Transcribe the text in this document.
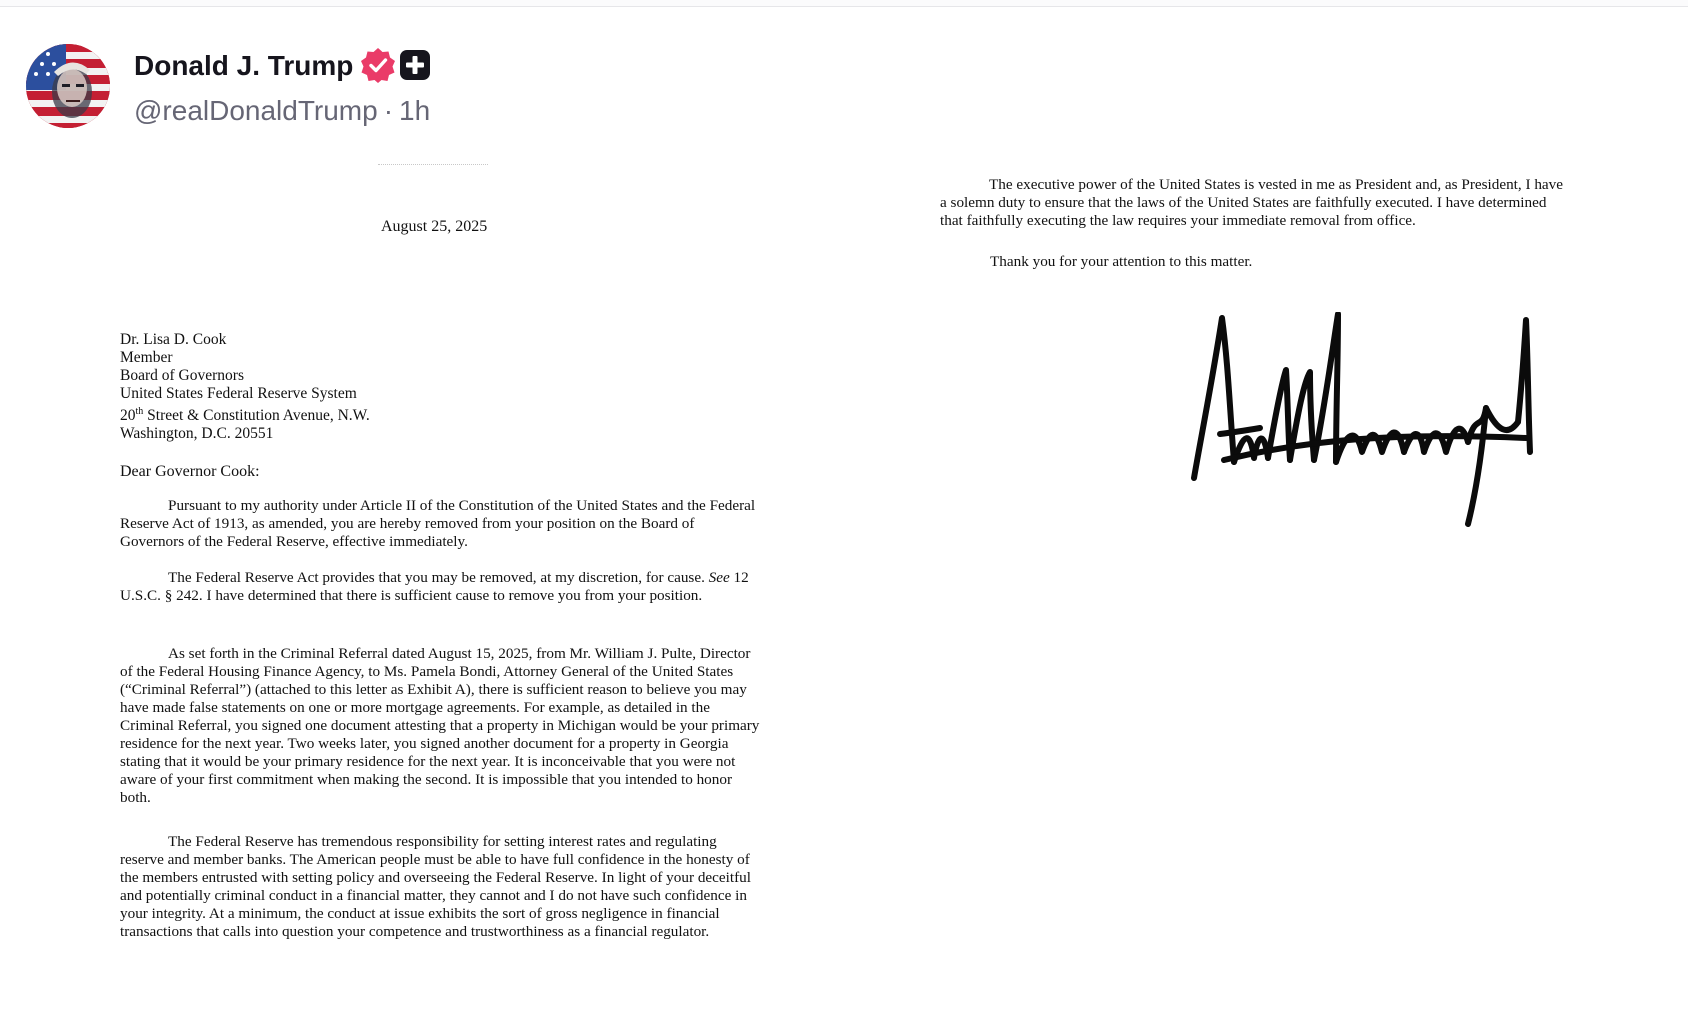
Donald J. Trump
@realDonaldTrump · 1h
August 25, 2025
Dr. Lisa D. Cook
Member
Board of Governors
United States Federal Reserve System
20th Street & Constitution Avenue, N.W.
Washington, D.C. 20551
Dear Governor Cook:
Pursuant to my authority under Article II of the Constitution of the United States and the Federal Reserve Act of 1913, as amended, you are hereby removed from your position on the Board of Governors of the Federal Reserve, effective immediately.
The Federal Reserve Act provides that you may be removed, at my discretion, for cause. See 12 U.S.C. § 242. I have determined that there is sufficient cause to remove you from your position.
As set forth in the Criminal Referral dated August 15, 2025, from Mr. William J. Pulte, Director of the Federal Housing Finance Agency, to Ms. Pamela Bondi, Attorney General of the United States (“Criminal Referral”) (attached to this letter as Exhibit A), there is sufficient reason to believe you may have made false statements on one or more mortgage agreements. For example, as detailed in the Criminal Referral, you signed one document attesting that a property in Michigan would be your primary residence for the next year. Two weeks later, you signed another document for a property in Georgia stating that it would be your primary residence for the next year. It is inconceivable that you were not aware of your first commitment when making the second. It is impossible that you intended to honor both.
The Federal Reserve has tremendous responsibility for setting interest rates and regulating reserve and member banks. The American people must be able to have full confidence in the honesty of the members entrusted with setting policy and overseeing the Federal Reserve. In light of your deceitful and potentially criminal conduct in a financial matter, they cannot and I do not have such confidence in your integrity. At a minimum, the conduct at issue exhibits the sort of gross negligence in financial transactions that calls into question your competence and trustworthiness as a financial regulator.
The executive power of the United States is vested in me as President and, as President, I have a solemn duty to ensure that the laws of the United States are faithfully executed. I have determined that faithfully executing the law requires your immediate removal from office.
Thank you for your attention to this matter.
